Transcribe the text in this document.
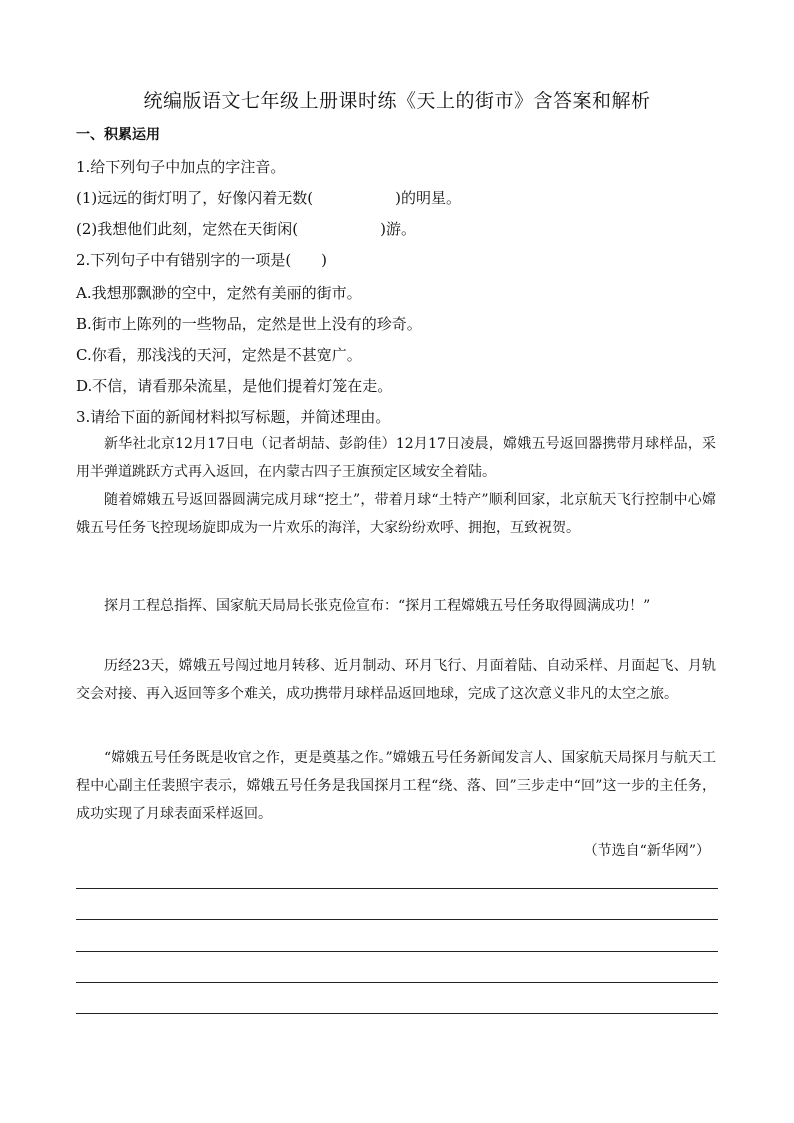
统编版语文七年级上册课时练《天上的街市》含答案和解析
一、积累运用
1.给下列句子中加点的字注音。
(1)远远的街灯明了，好像闪着无数(	)的明星。
(2)我想他们此刻，定然在天街闲(	)游。
2.下列句子中有错别字的一项是( )
A.我想那飘渺的空中，定然有美丽的街市。
B.街市上陈列的一些物品，定然是世上没有的珍奇。
C.你看，那浅浅的天河，定然是不甚宽广。
D.不信，请看那朵流星，是他们提着灯笼在走。
3.请给下面的新闻材料拟写标题，并简述理由。
新华社北京12月17日电（记者胡喆、彭韵佳）12月17日凌晨，嫦娥五号返回器携带月球样品，采用半弹道跳跃方式再入返回，在内蒙古四子王旗预定区域安全着陆。
随着嫦娥五号返回器圆满完成月球“挖土”，带着月球“土特产”顺利回家，北京航天飞行控制中心嫦娥五号任务飞控现场旋即成为一片欢乐的海洋，大家纷纷欢呼、拥抱，互致祝贺。
探月工程总指挥、国家航天局局长张克俭宣布：“探月工程嫦娥五号任务取得圆满成功！”
历经23天，嫦娥五号闯过地月转移、近月制动、环月飞行、月面着陆、自动采样、月面起飞、月轨交会对接、再入返回等多个难关，成功携带月球样品返回地球，完成了这次意义非凡的太空之旅。
“嫦娥五号任务既是收官之作，更是奠基之作。”嫦娥五号任务新闻发言人、国家航天局探月与航天工程中心副主任裴照宇表示，嫦娥五号任务是我国探月工程“绕、落、回”三步走中“回”这一步的主任务，成功实现了月球表面采样返回。
（节选自“新华网”）
